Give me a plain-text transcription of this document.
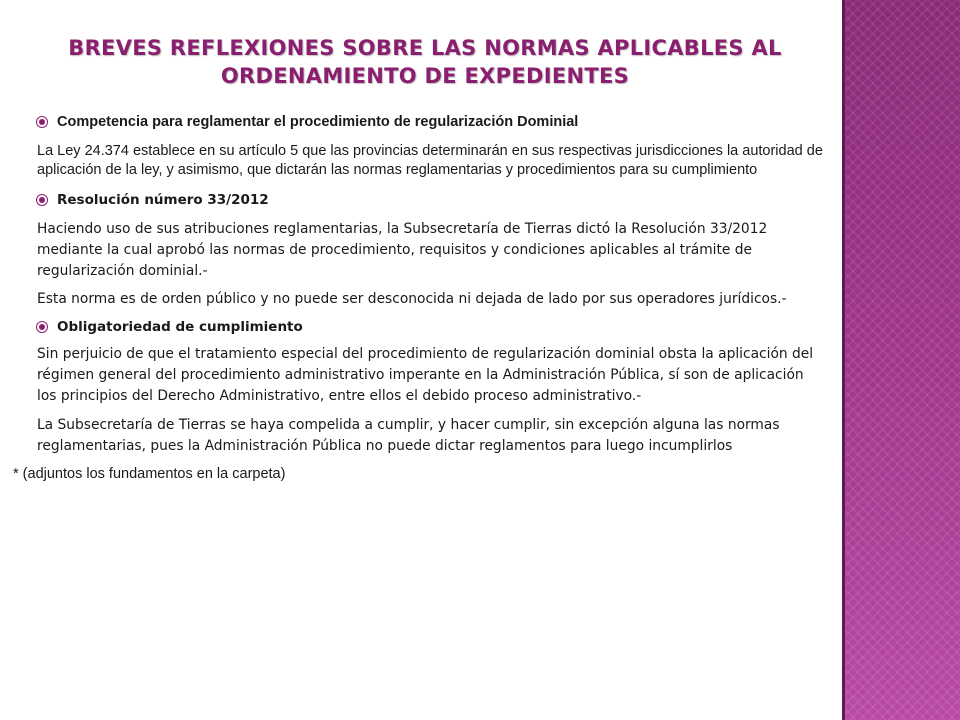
BREVES REFLEXIONES SOBRE LAS NORMAS APLICABLES AL ORDENAMIENTO DE EXPEDIENTES
Competencia para reglamentar el procedimiento de regularización Dominial

La Ley 24.374 establece en su artículo 5 que las provincias determinarán en sus respectivas jurisdicciones la autoridad de aplicación de la ley, y asimismo, que dictarán las normas reglamentarias y procedimientos para su cumplimiento

Resolución número 33/2012

Haciendo uso de sus atribuciones reglamentarias, la Subsecretaría de Tierras dictó la Resolución 33/2012 mediante la cual aprobó las normas de procedimiento, requisitos y condiciones aplicables al trámite de regularización dominial.-

Esta norma es de orden público y no puede ser desconocida ni dejada de lado por sus operadores jurídicos.-

Obligatoriedad de cumplimiento

Sin perjuicio de que el tratamiento especial del procedimiento de regularización dominial obsta la aplicación del régimen general del procedimiento administrativo imperante en la Administración Pública, sí son de aplicación los principios del Derecho Administrativo, entre ellos el debido proceso administrativo.-

La Subsecretaría de Tierras se haya compelida a cumplir, y hacer cumplir, sin excepción alguna las normas reglamentarias, pues la Administración Pública no puede dictar reglamentos para luego incumplirlos

* (adjuntos los fundamentos en la carpeta)
